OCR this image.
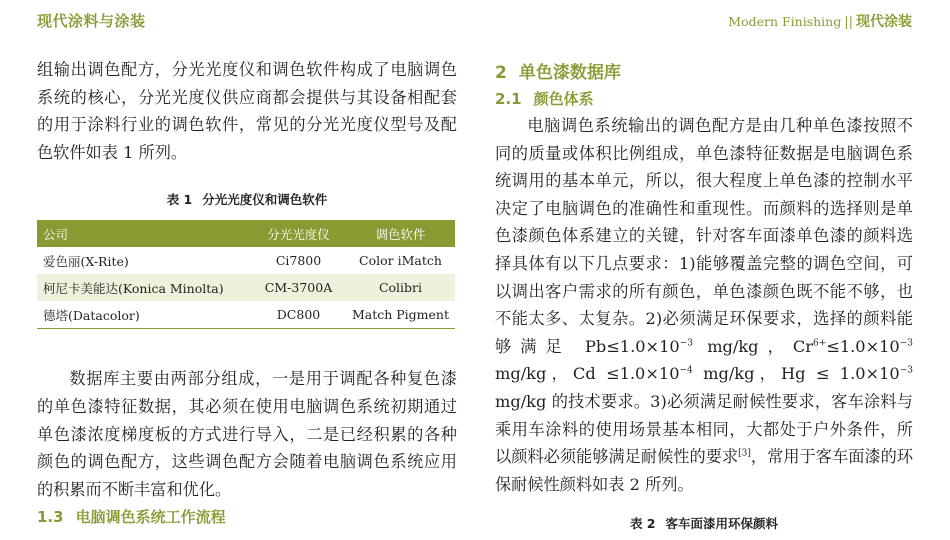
现代涂料与涂装	Modern Finishing || 现代涂装

组输出调色配方，分光光度仪和调色软件构成了电脑调色系统的核心，分光光度仪供应商都会提供与其设备相配套的用于涂料行业的调色软件，常见的分光光度仪型号及配色软件如表 1 所列。

表 1 分光光度仪和调色软件

公司	分光光度仪	调色软件
爱色丽(X-Rite)	Ci7800	Color iMatch
柯尼卡美能达(Konica Minolta)	CM-3700A	Colibri
德塔(Datacolor)	DC800	Match Pigment

数据库主要由两部分组成，一是用于调配各种复色漆的单色漆特征数据，其必须在使用电脑调色系统初期通过单色漆浓度梯度板的方式进行导入，二是已经积累的各种颜色的调色配方，这些调色配方会随着电脑调色系统应用的积累而不断丰富和优化。

1.3 电脑调色系统工作流程
2 单色漆数据库
2.1 颜色体系

电脑调色系统输出的调色配方是由几种单色漆按照不同的质量或体积比例组成，单色漆特征数据是电脑调色系统调用的基本单元，所以，很大程度上单色漆的控制水平决定了电脑调色的准确性和重现性。而颜料的选择则是单色漆颜色体系建立的关键，针对客车面漆单色漆的颜料选择具体有以下几点要求：1)能够覆盖完整的调色空间，可以调出客户需求的所有颜色，单色漆颜色既不能不够，也不能太多、太复杂。2)必须满足环保要求，选择的颜料能够满足 $Pb\le 1.0\times 10^{-3}$ mg/kg，$Cr^{6+}\le 1.0\times 10^{-3}$ mg/kg，$Cd \le 1.0\times 10^{-4}$ mg/kg，$Hg \le 1.0\times 10^{-3}$ mg/kg 的技术要求。3)必须满足耐候性要求，客车涂料与乘用车涂料的使用场景基本相同，大都处于户外条件，所以颜料必须能够满足耐候性的要求[3]，常用于客车面漆的环保耐候性颜料如表 2 所列。

表 2 客车面漆用环保颜料
